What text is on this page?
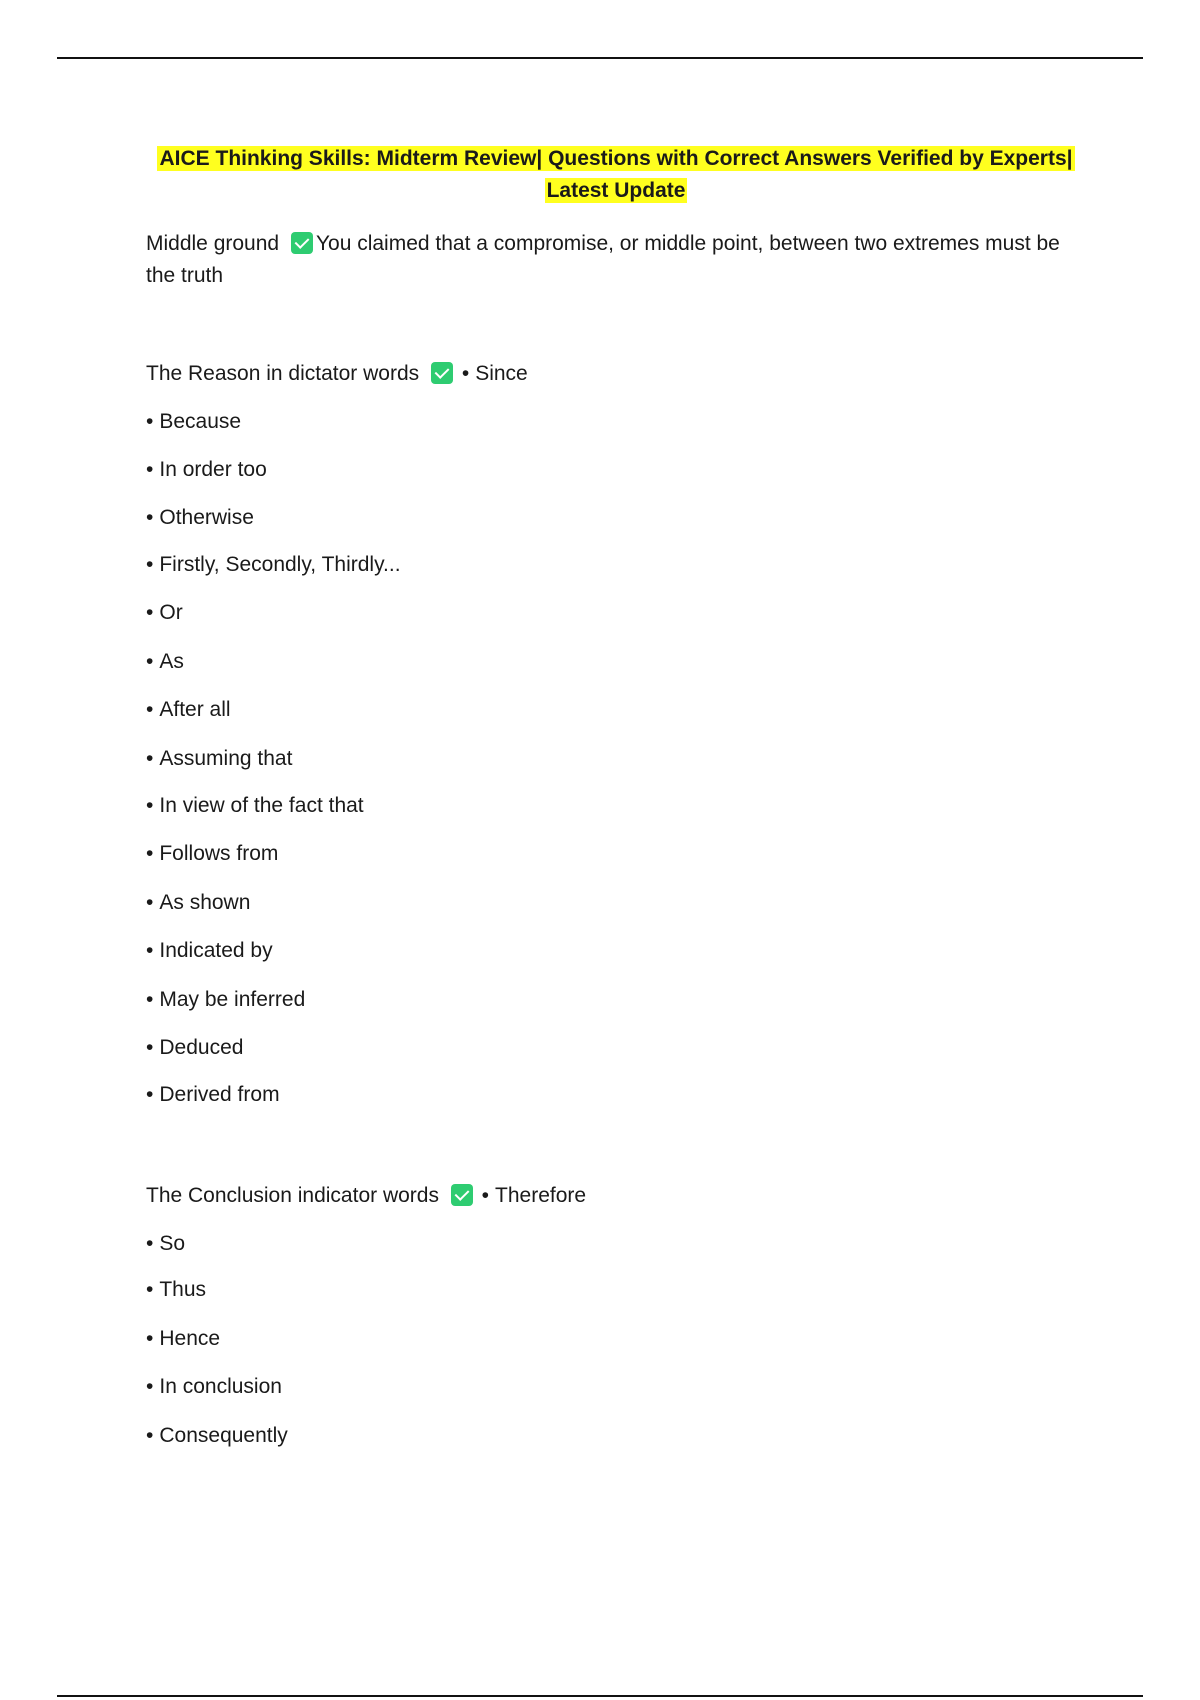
AICE Thinking Skills: Midterm Review| Questions with Correct Answers Verified by Experts|
Latest Update
Middle ground You claimed that a compromise, or middle point, between two extremes must be the truth
The Reason in dictator words • Since
• Because
• In order too
• Otherwise
• Firstly, Secondly, Thirdly...
• Or
• As
• After all
• Assuming that
• In view of the fact that
• Follows from
• As shown
• Indicated by
• May be inferred
• Deduced
• Derived from
The Conclusion indicator words • Therefore
• So
• Thus
• Hence
• In conclusion
• Consequently
